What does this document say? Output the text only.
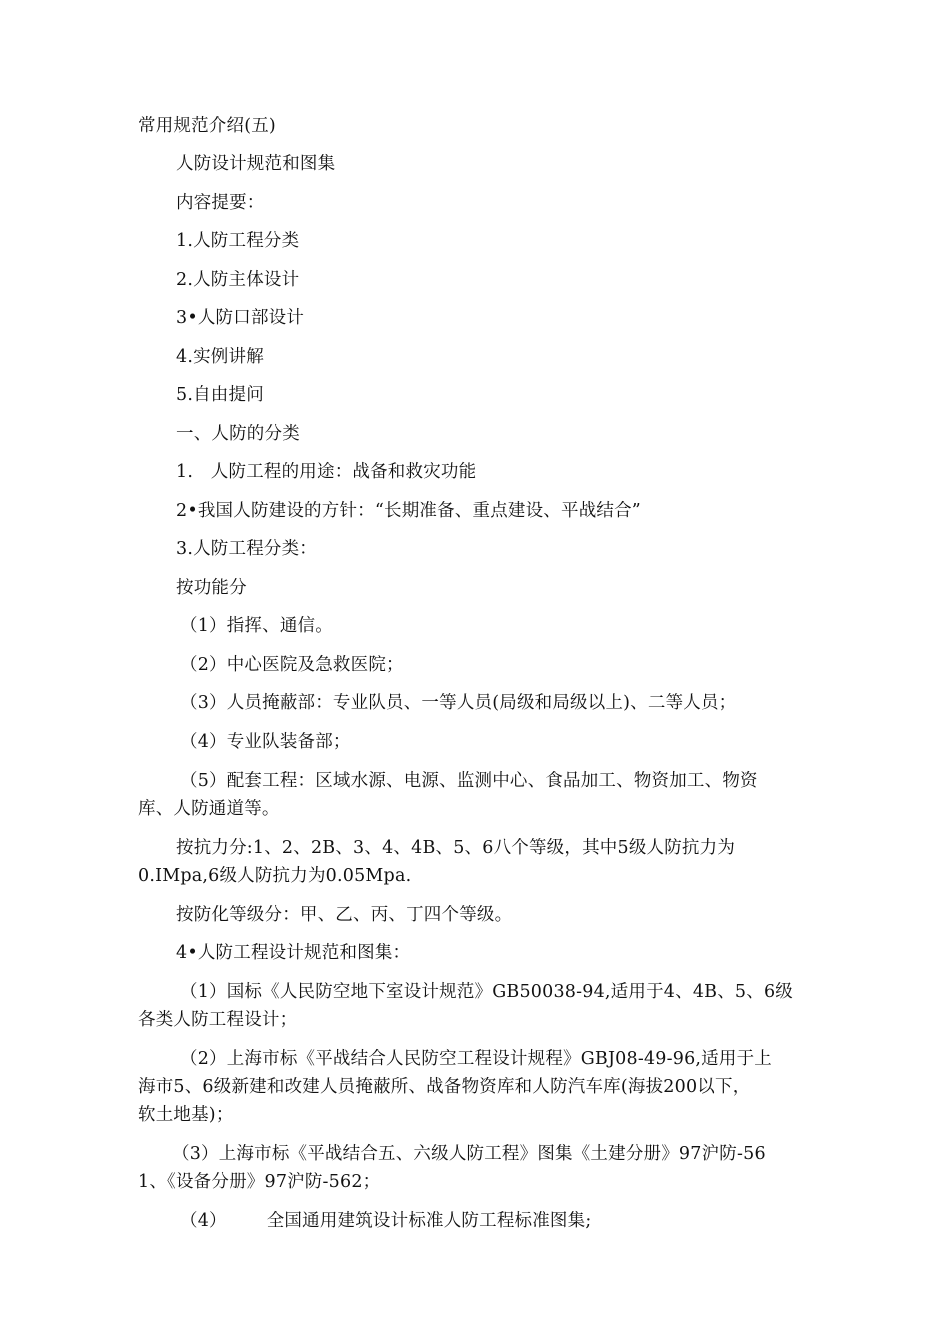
常用规范介绍(五)
人防设计规范和图集
内容提要：
1.人防工程分类
2.人防主体设计
3•人防口部设计
4.实例讲解
5.自由提问
一、人防的分类
1.　人防工程的用途：战备和救灾功能
2•我国人防建设的方针：“长期准备、重点建设、平战结合”
3.人防工程分类：
按功能分
（1）指挥、通信。
（2）中心医院及急救医院；
（3）人员掩蔽部：专业队员、一等人员(局级和局级以上)、二等人员；
（4）专业队装备部；
（5）配套工程：区域水源、电源、监测中心、食品加工、物资加工、物资
库、人防通道等。
按抗力分:1、2、2B、3、4、4B、5、6八个等级，其中5级人防抗力为
0.IMpa,6级人防抗力为0.05Mpa.
按防化等级分：甲、乙、丙、丁四个等级。
4•人防工程设计规范和图集：
（1）国标《人民防空地下室设计规范》GB50038-94,适用于4、4B、5、6级
各类人防工程设计；
（2）上海市标《平战结合人民防空工程设计规程》GBJ08-49-96,适用于上
海市5、6级新建和改建人员掩蔽所、战备物资库和人防汽车库(海拔200以下，
软土地基)；
（3）上海市标《平战结合五、六级人防工程》图集《土建分册》97沪防-56
1、《设备分册》97沪防-562；
（4） 全国通用建筑设计标准人防工程标准图集;
